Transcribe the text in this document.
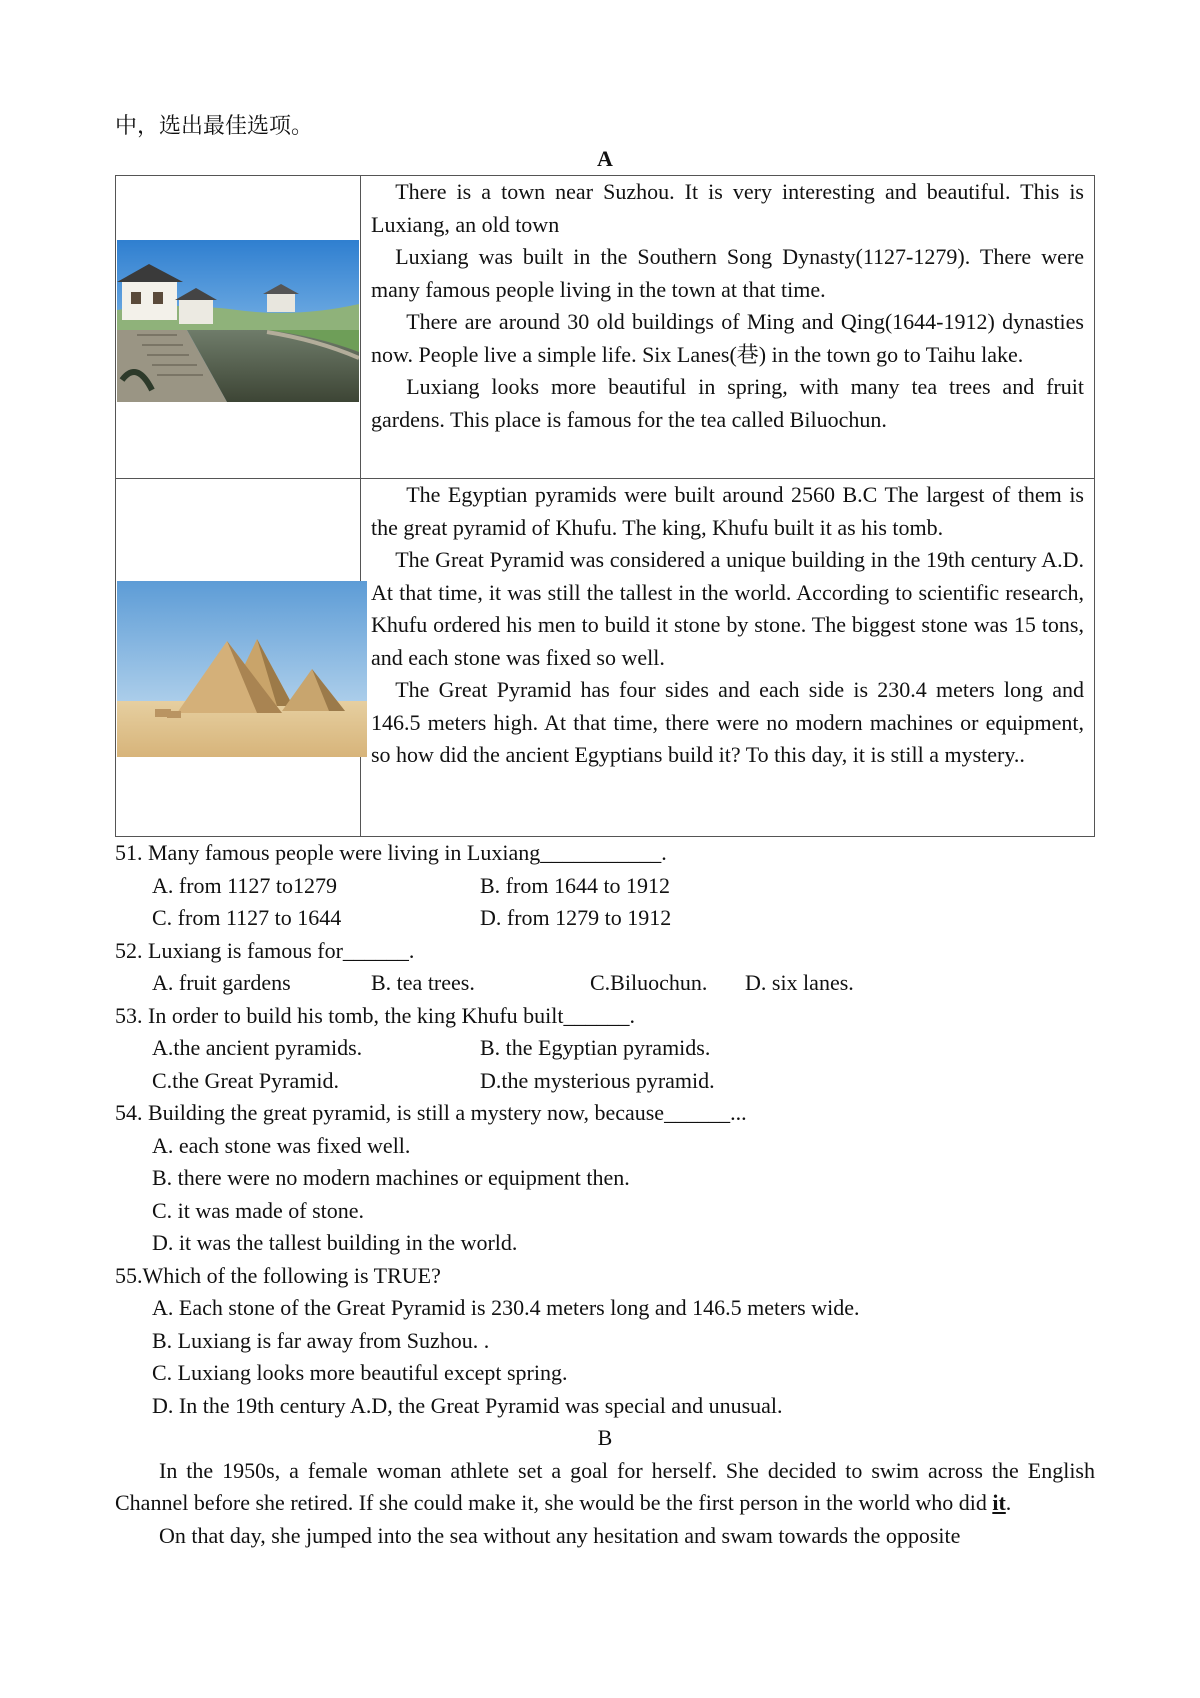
中，选出最佳选项。

A

There is a town near Suzhou. It is very interesting and beautiful. This is Luxiang, an old town

Luxiang was built in the Southern Song Dynasty(1127-1279). There were many famous people living in the town at that time.

There are around 30 old buildings of Ming and Qing(1644-1912) dynasties now. People live a simple life. Six Lanes(巷) in the town go to Taihu lake.

Luxiang looks more beautiful in spring, with many tea trees and fruit gardens. This place is famous for the tea called Biluochun.

The Egyptian pyramids were built around 2560 B.C The largest of them is the great pyramid of Khufu. The king, Khufu built it as his tomb.

The Great Pyramid was considered a unique building in the 19th century A.D. At that time, it was still the tallest in the world. According to scientific research, Khufu ordered his men to build it stone by stone. The biggest stone was 15 tons, and each stone was fixed so well.

The Great Pyramid has four sides and each side is 230.4 meters long and 146.5 meters high. At that time, there were no modern machines or equipment, so how did the ancient Egyptians build it? To this day, it is still a mystery..

51. Many famous people were living in Luxiang___________.

A. from 1127 to1279	B. from 1644 to 1912
C. from 1127 to 1644	D. from 1279 to 1912

52. Luxiang is famous for______.

A. fruit gardens	B. tea trees.	C.Biluochun.	D. six lanes.

53. In order to build his tomb, the king Khufu built______.

A.the ancient pyramids.	B. the Egyptian pyramids.
C.the Great Pyramid.	D.the mysterious pyramid.

54. Building the great pyramid, is still a mystery now, because______...

A. each stone was fixed well.

B. there were no modern machines or equipment then.

C. it was made of stone.

D. it was the tallest building in the world.

55.Which of the following is TRUE?

A. Each stone of the Great Pyramid is 230.4 meters long and 146.5 meters wide.

B. Luxiang is far away from Suzhou. .

C. Luxiang looks more beautiful except spring.

D. In the 19th century A.D, the Great Pyramid was special and unusual.

B

In the 1950s, a female woman athlete set a goal for herself. She decided to swim across the English Channel before she retired. If she could make it, she would be the first person in the world who did it.

On that day, she jumped into the sea without any hesitation and swam towards the opposite
